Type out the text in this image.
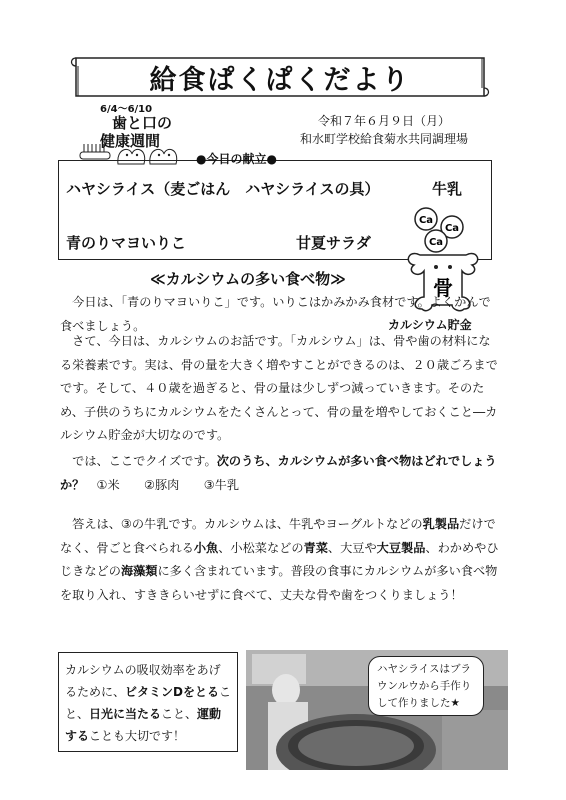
給食ぱくぱくだより
6/4〜6/10
歯と口の
健康週間
令和７年６月９日（月）
和水町学校給食菊水共同調理場
●今日の献立●
ハヤシライス（麦ごはん　ハヤシライスの具）	牛乳
青のりマヨいりこ	甘夏サラダ
Ca
Ca
Ca
骨
カルシウム貯金
≪カルシウムの多い食べ物≫
　今日は、「青のりマヨいりこ」です。いりこはかみかみ食材です。よくかんで食べましょう。
　さて、今日は、カルシウムのお話です。「カルシウム」は、骨や歯の材料になる栄養素です。実は、骨の量を大きく増やすことができるのは、２０歳ごろまでです。そして、４０歳を過ぎると、骨の量は少しずつ減っていきます。そのため、子供のうちにカルシウムをたくさんとって、骨の量を増やしておくこと―カルシウム貯金が大切なのです。
　では、ここでクイズです。次のうち、カルシウムが多い食べ物はどれでしょうか？　①米　　②豚肉　　③牛乳
　答えは、③の牛乳です。カルシウムは、牛乳やヨーグルトなどの乳製品だけでなく、骨ごと食べられる小魚、小松菜などの青菜、大豆や大豆製品、わかめやひじきなどの海藻類に多く含まれています。普段の食事にカルシウムが多い食べ物を取り入れ、すききらいせずに食べて、丈夫な骨や歯をつくりましょう！
カルシウムの吸収効率をあげるために、ビタミンDをとること、日光に当たること、運動することも大切です！
ハヤシライスはブラウンルウから手作りして作りました★
